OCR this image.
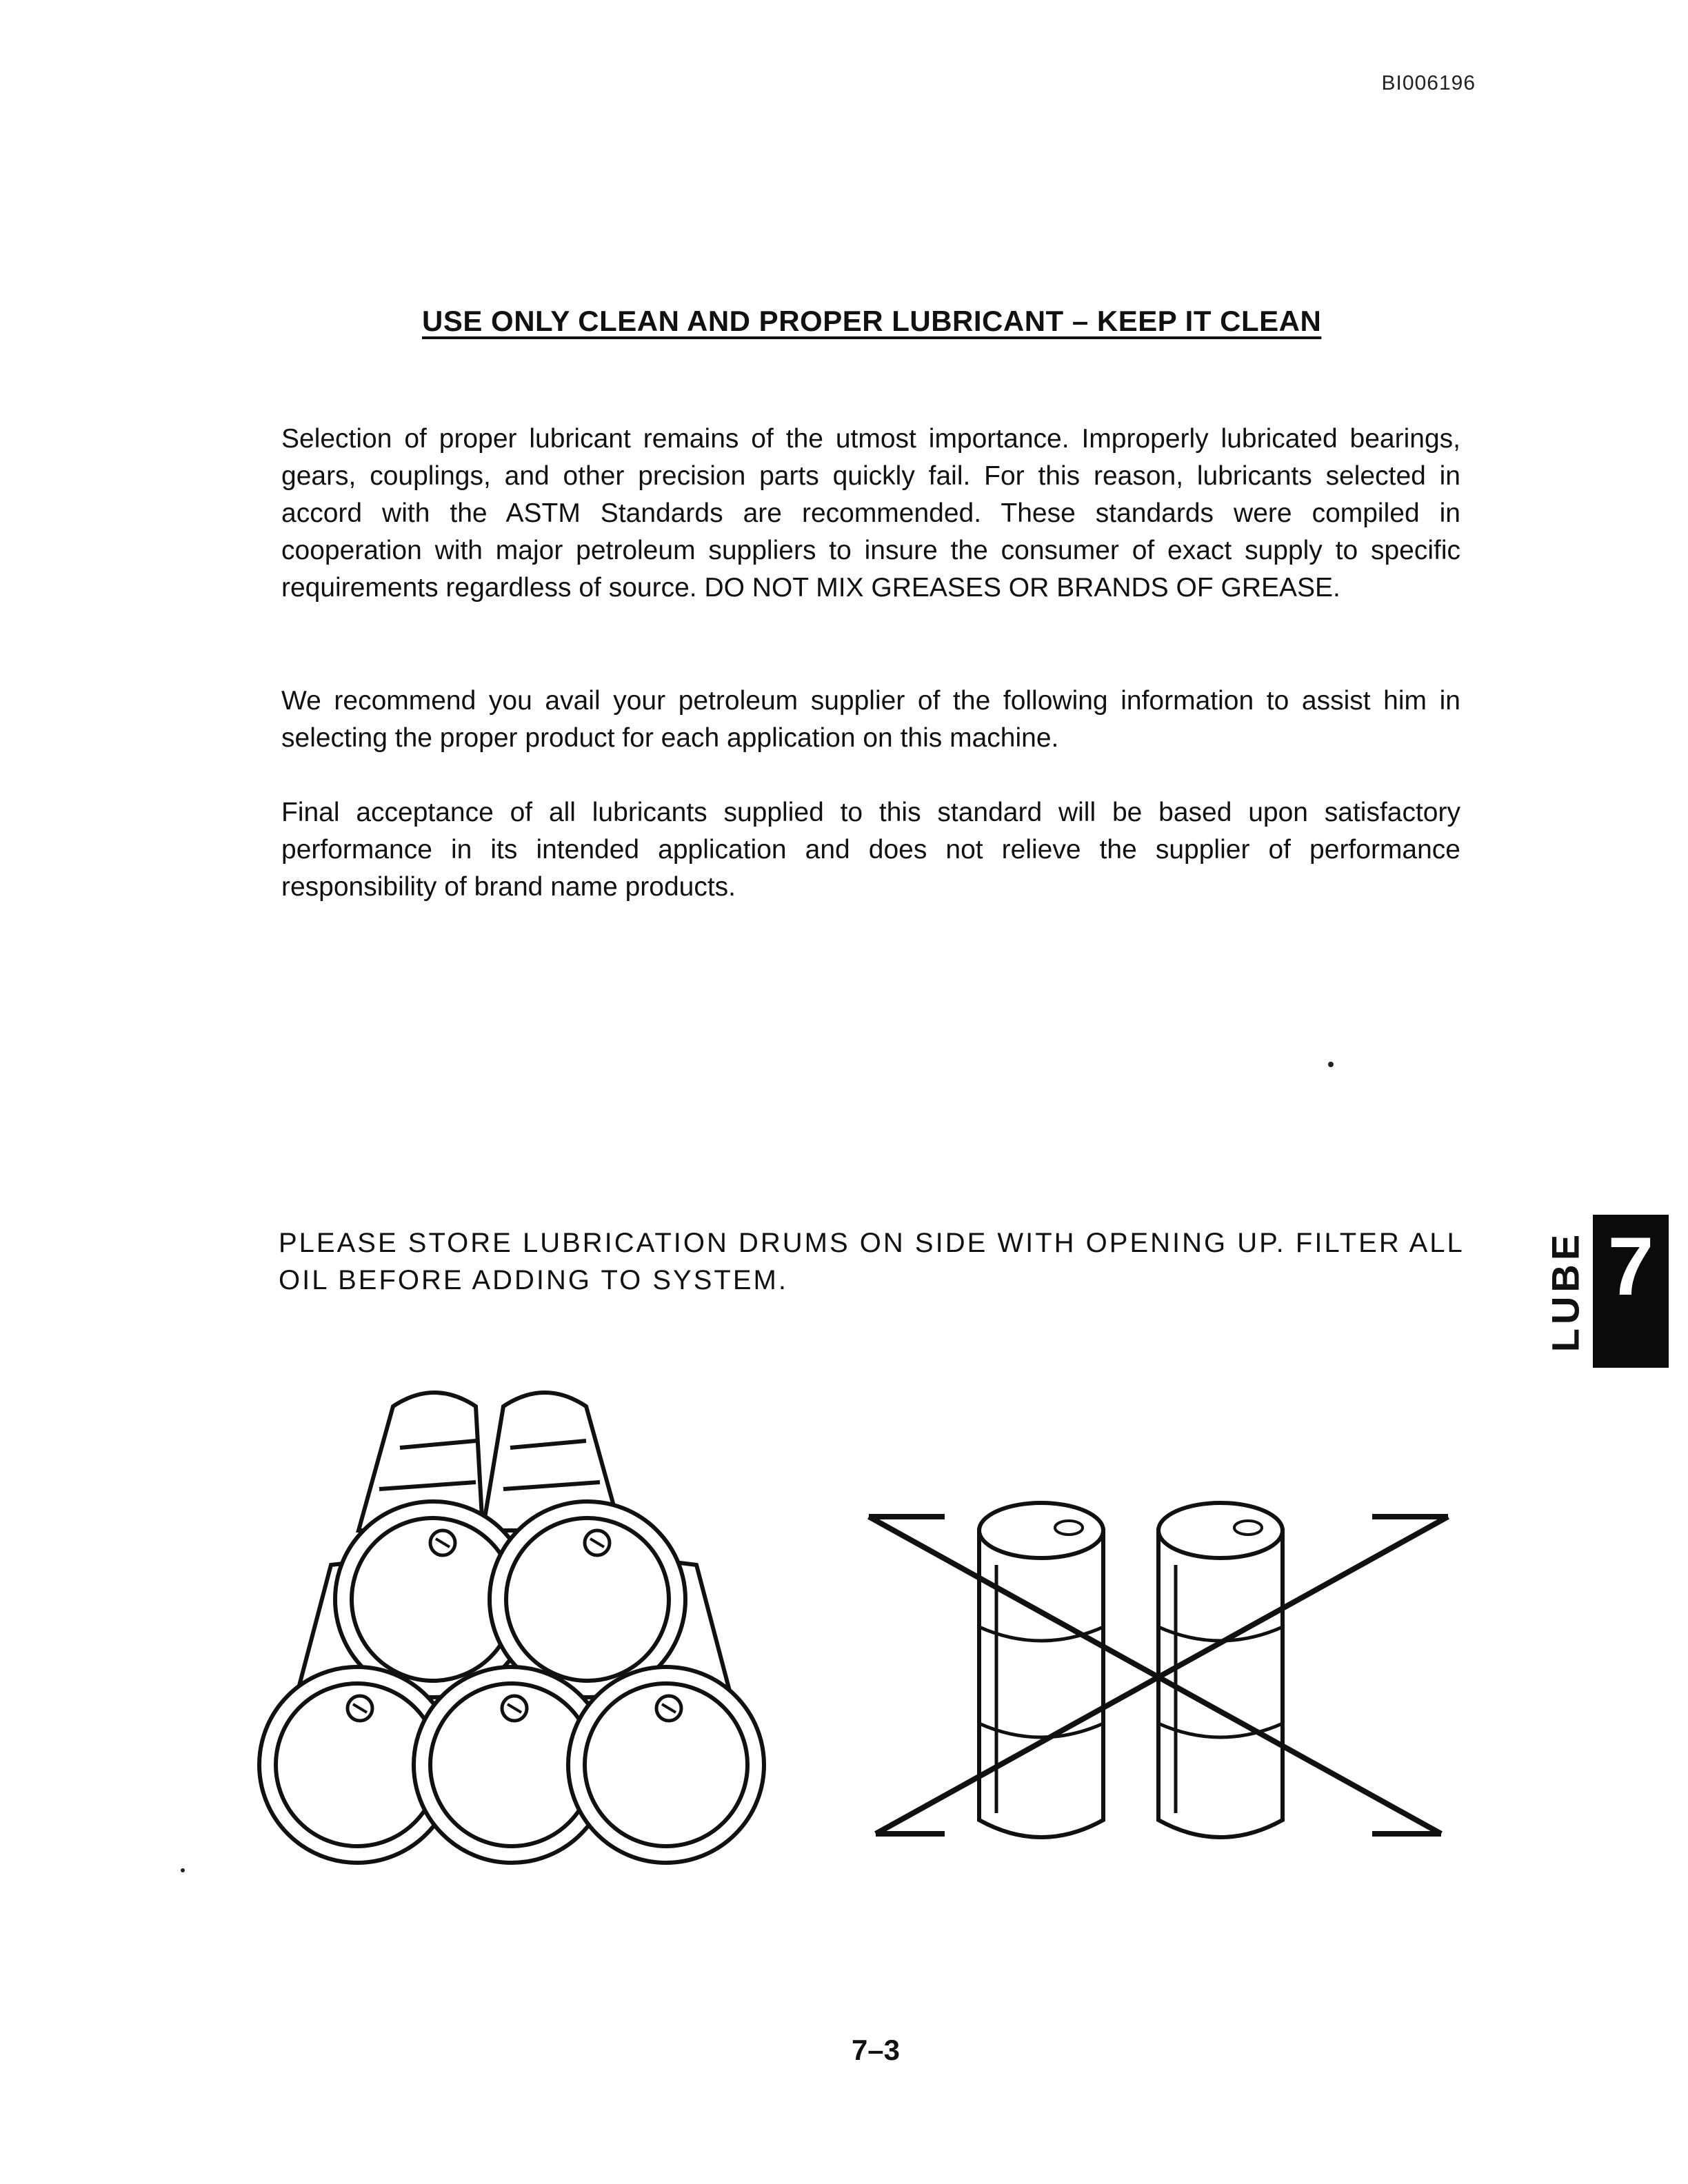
BI006196
USE ONLY CLEAN AND PROPER LUBRICANT – KEEP IT CLEAN

Selection of proper lubricant remains of the utmost importance. Improperly lubricated bearings, gears, couplings, and other precision parts quickly fail. For this reason, lubricants selected in accord with the ASTM Standards are recommended. These standards were compiled in cooperation with major petroleum suppliers to insure the consumer of exact supply to specific requirements regardless of source. DO NOT MIX GREASES OR BRANDS OF GREASE.

We recommend you avail your petroleum supplier of the following information to assist him in selecting the proper product for each application on this machine.

Final acceptance of all lubricants supplied to this standard will be based upon satisfactory performance in its intended application and does not relieve the supplier of performance responsibility of brand name products.

PLEASE STORE LUBRICATION DRUMS ON SIDE WITH OPENING UP. FILTER ALL OIL BEFORE ADDING TO SYSTEM.	LUBE 7
7–3
